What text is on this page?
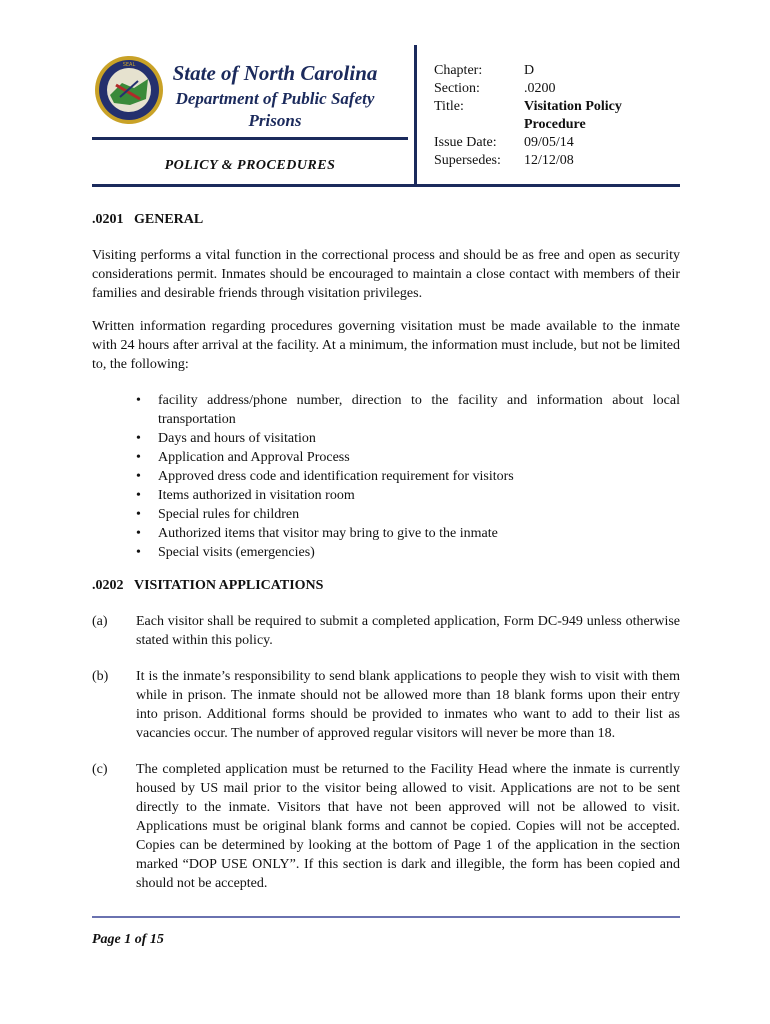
SEAL	State of North Carolina
Department of Public Safety
Prisons
POLICY & PROCEDURES
Chapter:	D
Section:	.0200
Title:	Visitation Policy
Procedure
Issue Date:	09/05/14
Supersedes:	12/12/08
.0201 GENERAL

Visiting performs a vital function in the correctional process and should be as free and open as security considerations permit. Inmates should be encouraged to maintain a close contact with members of their families and desirable friends through visitation privileges.

Written information regarding procedures governing visitation must be made available to the inmate with 24 hours after arrival at the facility. At a minimum, the information must include, but not be limited to, the following:

• facility address/phone number, direction to the facility and information about local transportation
• Days and hours of visitation
• Application and Approval Process
• Approved dress code and identification requirement for visitors
• Items authorized in visitation room
• Special rules for children
• Authorized items that visitor may bring to give to the inmate
• Special visits (emergencies)
.0202 VISITATION APPLICATIONS
(a)	Each visitor shall be required to submit a completed application, Form DC-949 unless otherwise stated within this policy.
(b)	It is the inmate’s responsibility to send blank applications to people they wish to visit with them while in prison. The inmate should not be allowed more than 18 blank forms upon their entry into prison. Additional forms should be provided to inmates who want to add to their list as vacancies occur. The number of approved regular visitors will never be more than 18.
(c)	The completed application must be returned to the Facility Head where the inmate is currently housed by US mail prior to the visitor being allowed to visit. Applications are not to be sent directly to the inmate. Visitors that have not been approved will not be allowed to visit. Applications must be original blank forms and cannot be copied. Copies will not be accepted. Copies can be determined by looking at the bottom of Page 1 of the application in the section marked “DOP USE ONLY”. If this section is dark and illegible, the form has been copied and should not be accepted.
Page 1 of 15
